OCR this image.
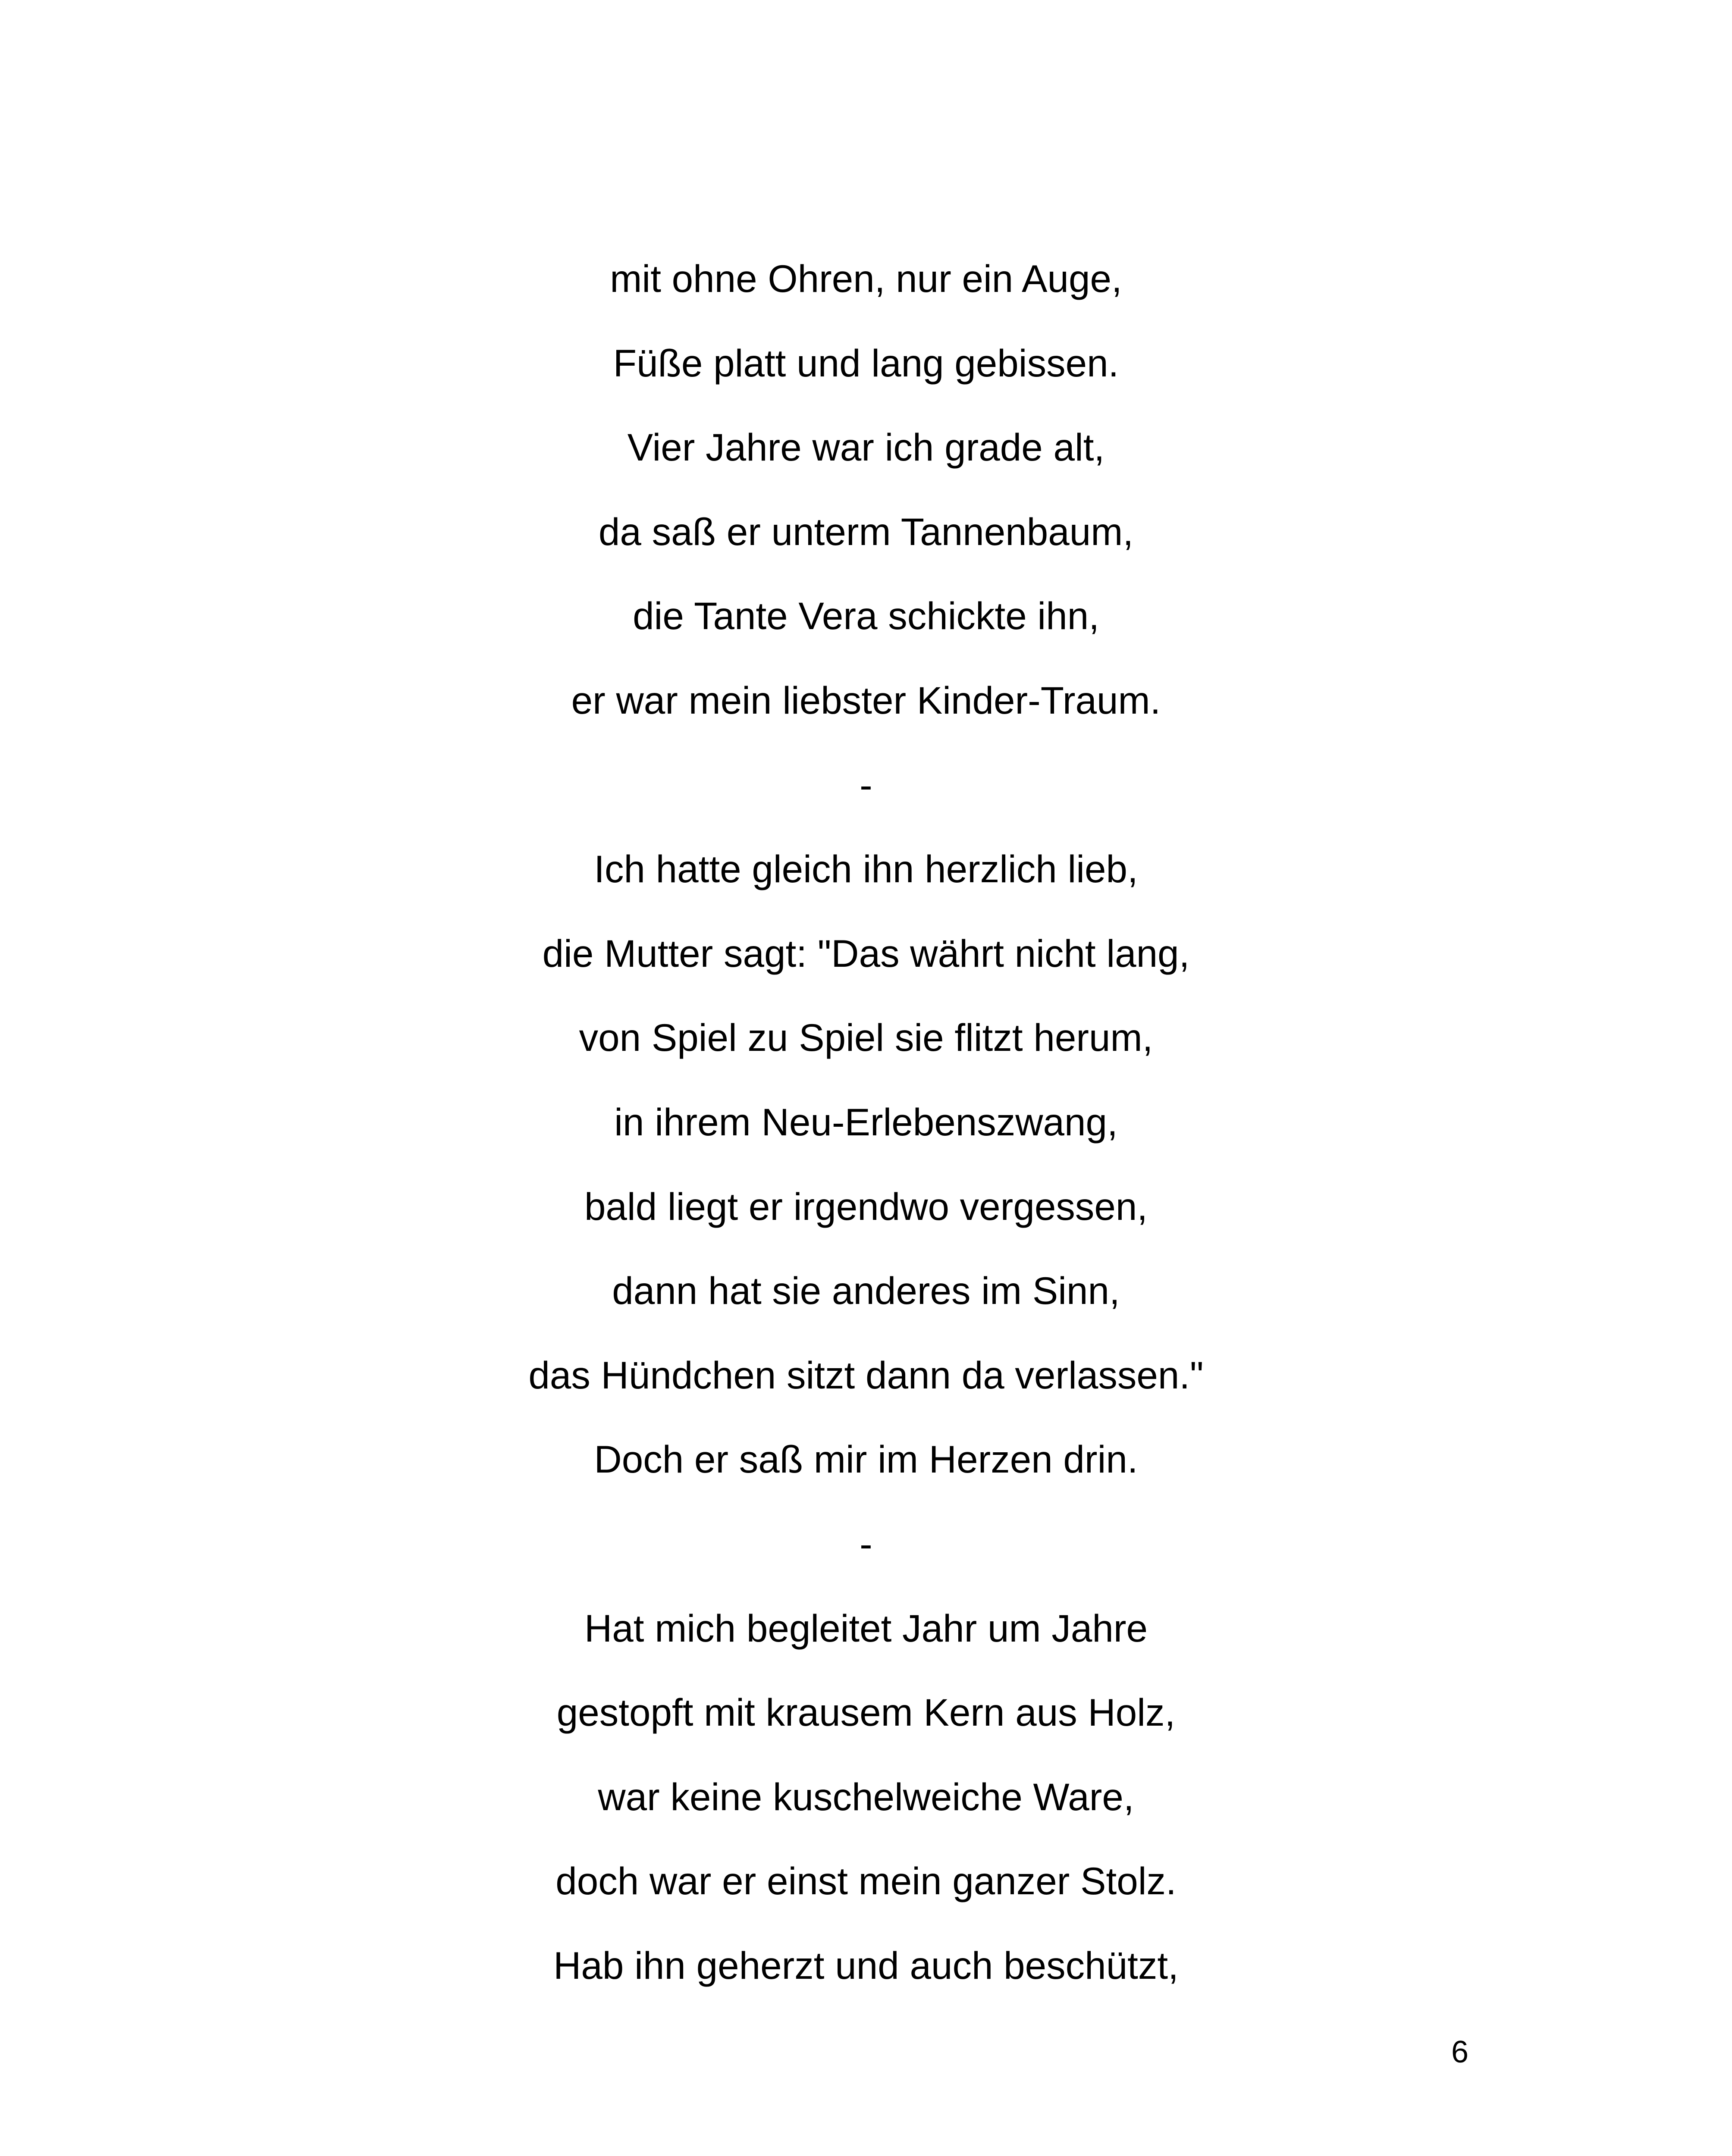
mit ohne Ohren, nur ein Auge,
Füße platt und lang gebissen.
Vier Jahre war ich grade alt,
da saß er unterm Tannenbaum,
die Tante Vera schickte ihn,
er war mein liebster Kinder-Traum.
-
Ich hatte gleich ihn herzlich lieb,
die Mutter sagt: "Das währt nicht lang,
von Spiel zu Spiel sie flitzt herum,
in ihrem Neu-Erlebenszwang,
bald liegt er irgendwo vergessen,
dann hat sie anderes im Sinn,
das Hündchen sitzt dann da verlassen."
Doch er saß mir im Herzen drin.
-
Hat mich begleitet Jahr um Jahre
gestopft mit krausem Kern aus Holz,
war keine kuschelweiche Ware,
doch war er einst mein ganzer Stolz.
Hab ihn geherzt und auch beschützt,
6
